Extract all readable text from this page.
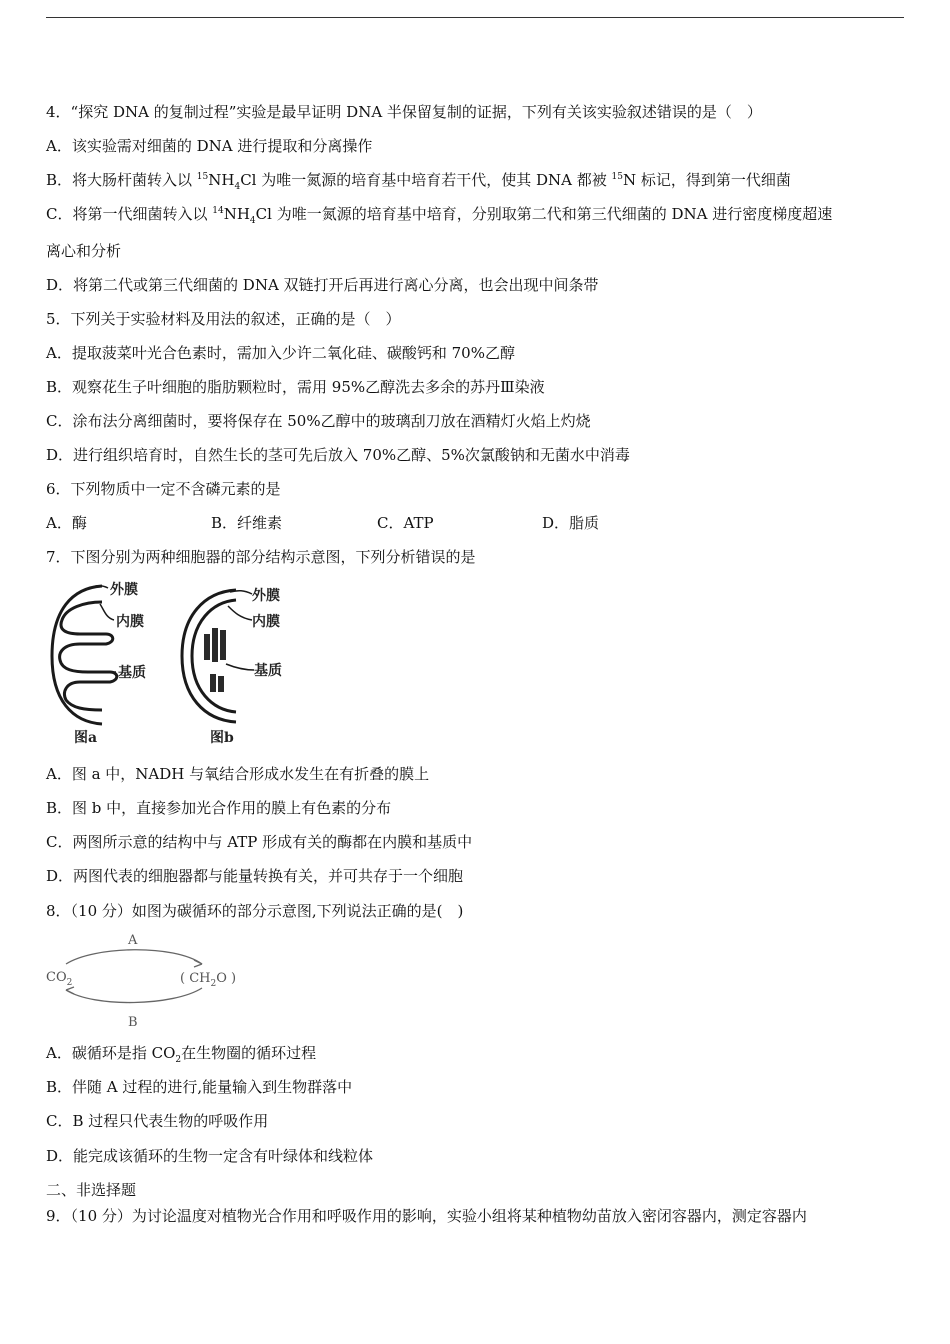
4．“探究 DNA 的复制过程”实验是最早证明 DNA 半保留复制的证据，下列有关该实验叙述错误的是（　）
A．该实验需对细菌的 DNA 进行提取和分离操作
B．将大肠杆菌转入以 $^{15}NH_4Cl$ 为唯一氮源的培育基中培育若干代，使其 DNA 都被 $^{15}$N 标记，得到第一代细菌
C．将第一代细菌转入以 $^{14}NH_4Cl$ 为唯一氮源的培育基中培育，分别取第二代和第三代细菌的 DNA 进行密度梯度超速
离心和分析
D．将第二代或第三代细菌的 DNA 双链打开后再进行离心分离，也会出现中间条带
5．下列关于实验材料及用法的叙述，正确的是（　）
A．提取菠菜叶光合色素时，需加入少许二氧化硅、碳酸钙和 70%乙醇
B．观察花生子叶细胞的脂肪颗粒时，需用 95%乙醇洗去多余的苏丹Ⅲ染液
C．涂布法分离细菌时，要将保存在 50%乙醇中的玻璃刮刀放在酒精灯火焰上灼烧
D．进行组织培育时，自然生长的茎可先后放入 70%乙醇、5%次氯酸钠和无菌水中消毒
6．下列物质中一定不含磷元素的是
A．酶	B．纤维素	C．ATP	D．脂质
7．下图分别为两种细胞器的部分结构示意图，下列分析错误的是
外膜
内膜
基质
图a
外膜
内膜
基质
图b
A．图 a 中，NADH 与氧结合形成水发生在有折叠的膜上
B．图 b 中，直接参加光合作用的膜上有色素的分布
C．两图所示意的结构中与 ATP 形成有关的酶都在内膜和基质中
D．两图代表的细胞器都与能量转换有关，并可共存于一个细胞
8．（10 分）如图为碳循环的部分示意图,下列说法正确的是(　)
A
B
$CO_2$	( $CH_2O$ )
A．碳循环是指 $CO_2$在生物圈的循环过程
B．伴随 A 过程的进行,能量输入到生物群落中
C．B 过程只代表生物的呼吸作用
D．能完成该循环的生物一定含有叶绿体和线粒体
二、非选择题
9．（10 分）为讨论温度对植物光合作用和呼吸作用的影响，实验小组将某种植物幼苗放入密闭容器内，测定容器内
